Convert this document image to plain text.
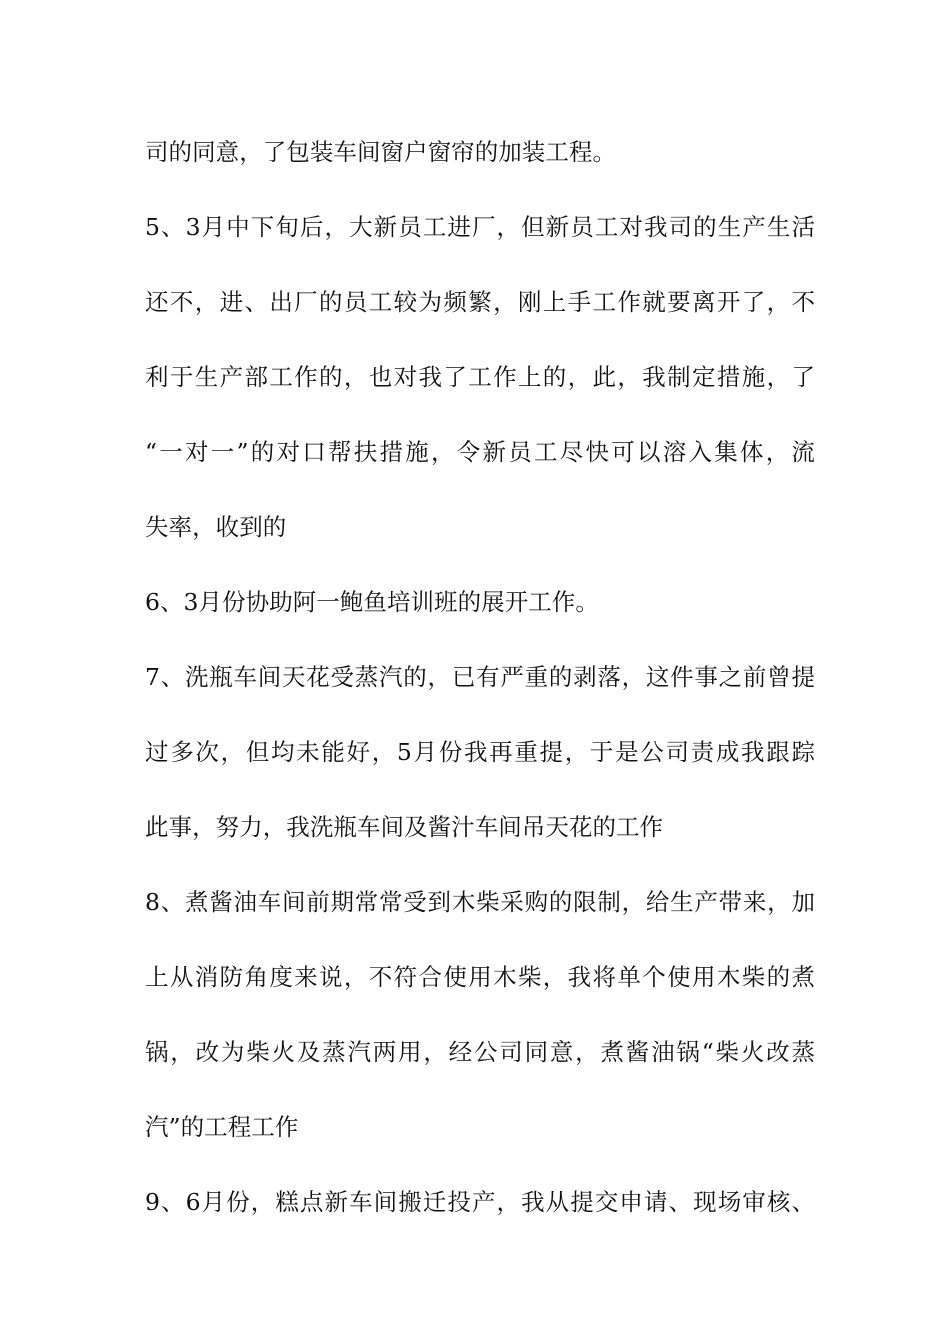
司的同意，了包装车间窗户窗帘的加装工程。
5、3月中下旬后，大新员工进厂，但新员工对我司的生产生活
还不，进、出厂的员工较为频繁，刚上手工作就要离开了，不
利于生产部工作的，也对我了工作上的，此，我制定措施，了
“一对一”的对口帮扶措施，令新员工尽快可以溶入集体，流
失率，收到的
6、3月份协助阿一鲍鱼培训班的展开工作。
7、洗瓶车间天花受蒸汽的，已有严重的剥落，这件事之前曾提
过多次，但均未能好，5月份我再重提，于是公司责成我跟踪
此事，努力，我洗瓶车间及酱汁车间吊天花的工作
8、煮酱油车间前期常常受到木柴采购的限制，给生产带来，加
上从消防角度来说，不符合使用木柴，我将单个使用木柴的煮
锅，改为柴火及蒸汽两用，经公司同意，煮酱油锅“柴火改蒸
汽”的工程工作
9、6月份，糕点新车间搬迁投产，我从提交申请、现场审核、
